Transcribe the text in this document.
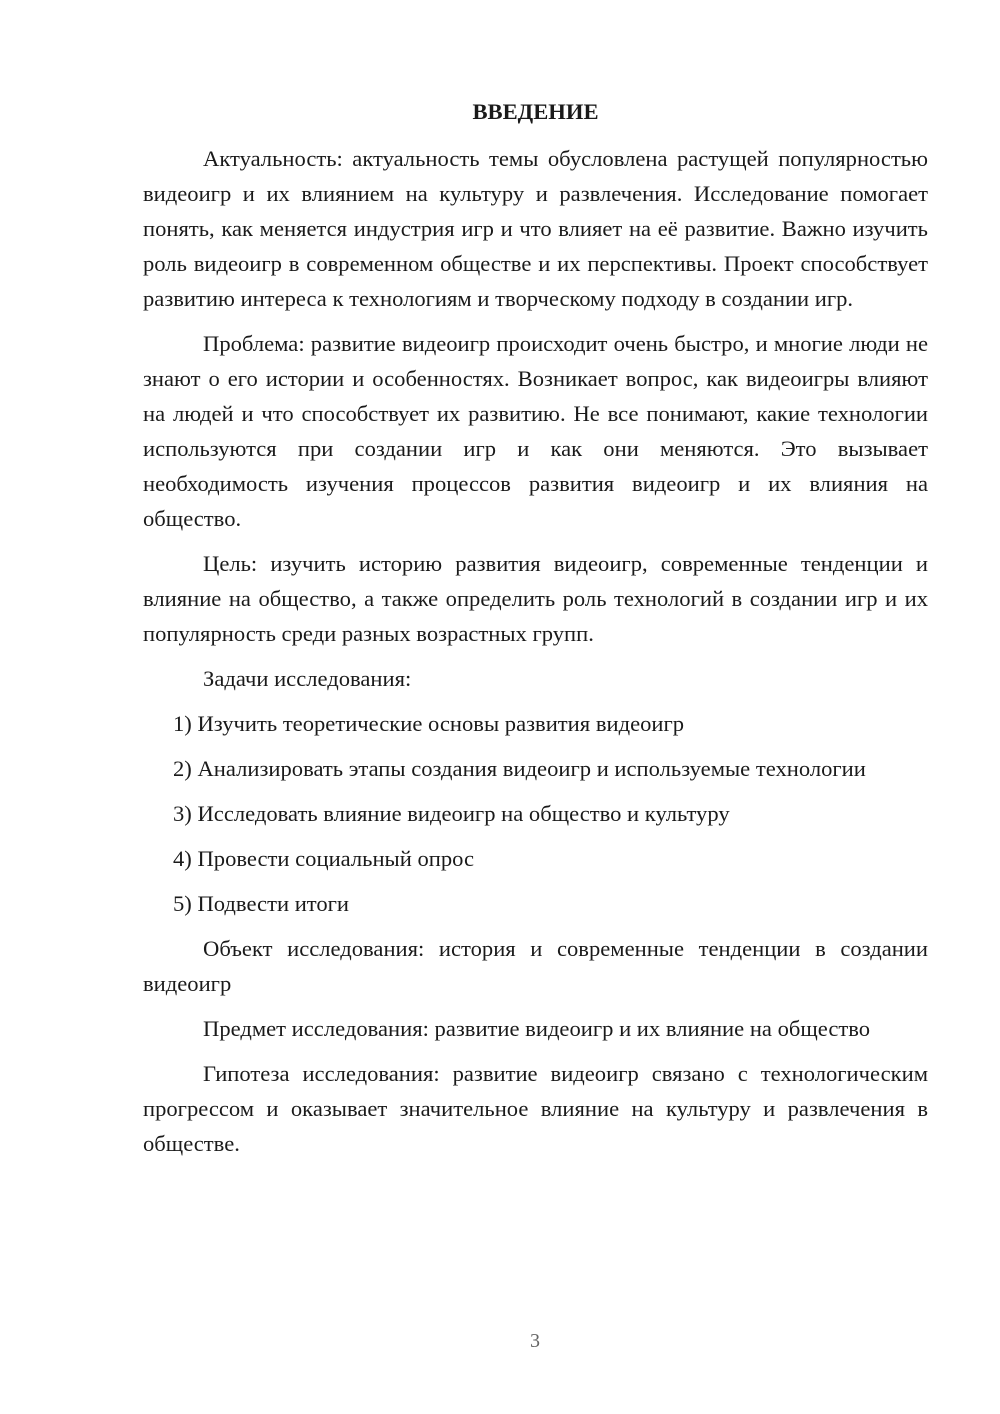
ВВЕДЕНИЕ

Актуальность: актуальность темы обусловлена растущей популярностью видеоигр и их влиянием на культуру и развлечения. Исследование помогает понять, как меняется индустрия игр и что влияет на её развитие. Важно изучить роль видеоигр в современном обществе и их перспективы. Проект способствует развитию интереса к технологиям и творческому подходу в создании игр.

Проблема: развитие видеоигр происходит очень быстро, и многие люди не знают о его истории и особенностях. Возникает вопрос, как видеоигры влияют на людей и что способствует их развитию. Не все понимают, какие технологии используются при создании игр и как они меняются. Это вызывает необходимость изучения процессов развития видеоигр и их влияния на общество.

Цель: изучить историю развития видеоигр, современные тенденции и влияние на общество, а также определить роль технологий в создании игр и их популярность среди разных возрастных групп.

Задачи исследования:

1) Изучить теоретические основы развития видеоигр

2) Анализировать этапы создания видеоигр и используемые технологии

3) Исследовать влияние видеоигр на общество и культуру

4) Провести социальный опрос

5) Подвести итоги

Объект исследования: история и современные тенденции в создании видеоигр

Предмет исследования: развитие видеоигр и их влияние на общество

Гипотеза исследования: развитие видеоигр связано с технологическим прогрессом и оказывает значительное влияние на культуру и развлечения в обществе.

3
